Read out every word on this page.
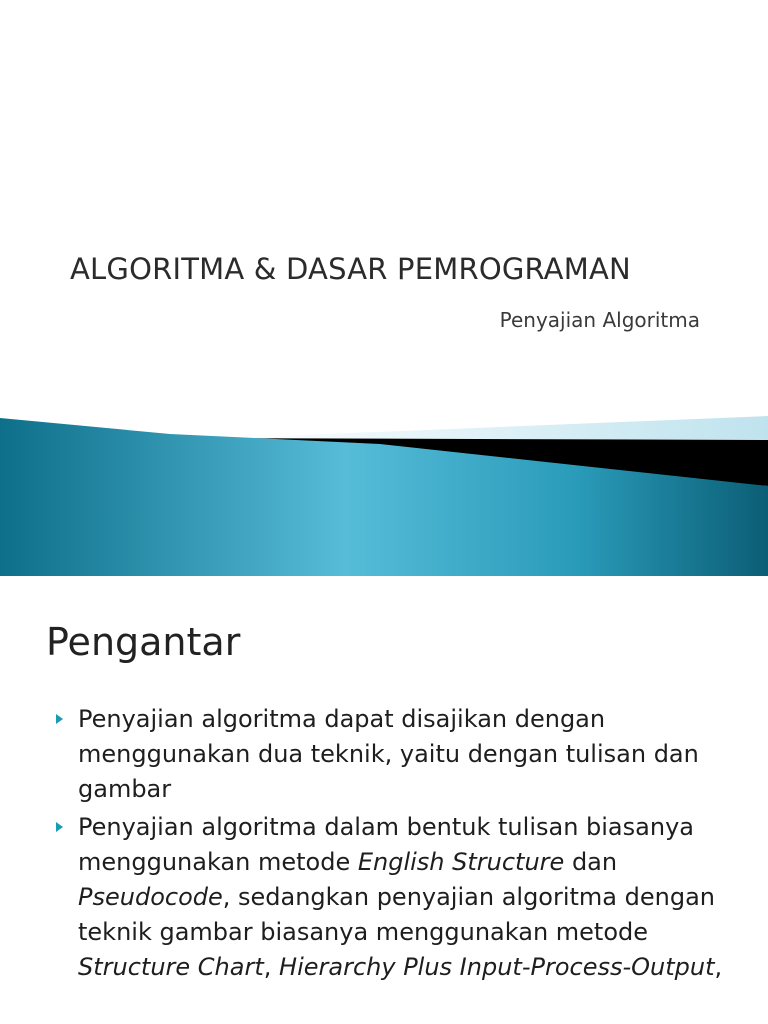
ALGORITMA & DASAR PEMROGRAMAN
Penyajian Algoritma
Pengantar
Penyajian algoritma dapat disajikan dengan menggunakan dua teknik, yaitu dengan tulisan dan gambar
Penyajian algoritma dalam bentuk tulisan biasanya menggunakan metode English Structure dan Pseudocode, sedangkan penyajian algoritma dengan teknik gambar biasanya menggunakan metode Structure Chart, Hierarchy Plus Input-Process-Output,
